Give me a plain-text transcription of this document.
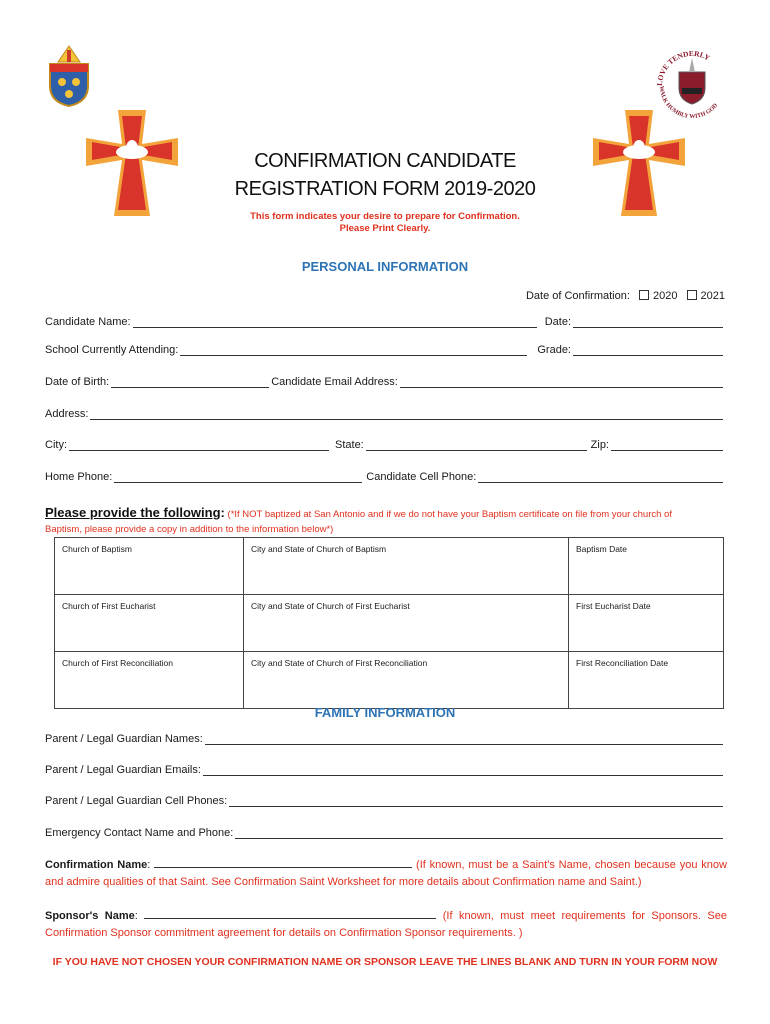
LOVE TENDERLY
WALK HUMBLY WITH GOD
CONFIRMATION CANDIDATE
REGISTRATION FORM 2019-2020
This form indicates your desire to prepare for Confirmation.
Please Print Clearly.
PERSONAL INFORMATION
Date of Confirmation: 2020 2021
Candidate Name:	Date:
School Currently Attending:	Grade:
Date of Birth:	Candidate Email Address:
Address:
City:	State:	Zip:
Home Phone:	Candidate Cell Phone:
Please provide the following: (*If NOT baptized at San Antonio and if we do not have your Baptism certificate on file from your church of
Baptism, please provide a copy in addition to the information below*)
Church of Baptism	City and State of Church of Baptism	Baptism Date
Church of First Eucharist	City and State of Church of First Eucharist	First Eucharist Date
Church of First Reconciliation	City and State of Church of First Reconciliation	First Reconciliation Date
FAMILY INFORMATION
Parent / Legal Guardian Names:
Parent / Legal Guardian Emails:
Parent / Legal Guardian Cell Phones:
Emergency Contact Name and Phone:
Confirmation Name:	(If known, must be a Saint's Name, chosen because you know and admire qualities of that Saint. See Confirmation Saint Worksheet for more details about Confirmation name and Saint.)
Sponsor's Name:	(If known, must meet requirements for Sponsors. See Confirmation Sponsor commitment agreement for details on Confirmation Sponsor requirements. )
IF YOU HAVE NOT CHOSEN YOUR CONFIRMATION NAME OR SPONSOR LEAVE THE LINES BLANK AND TURN IN YOUR FORM NOW
